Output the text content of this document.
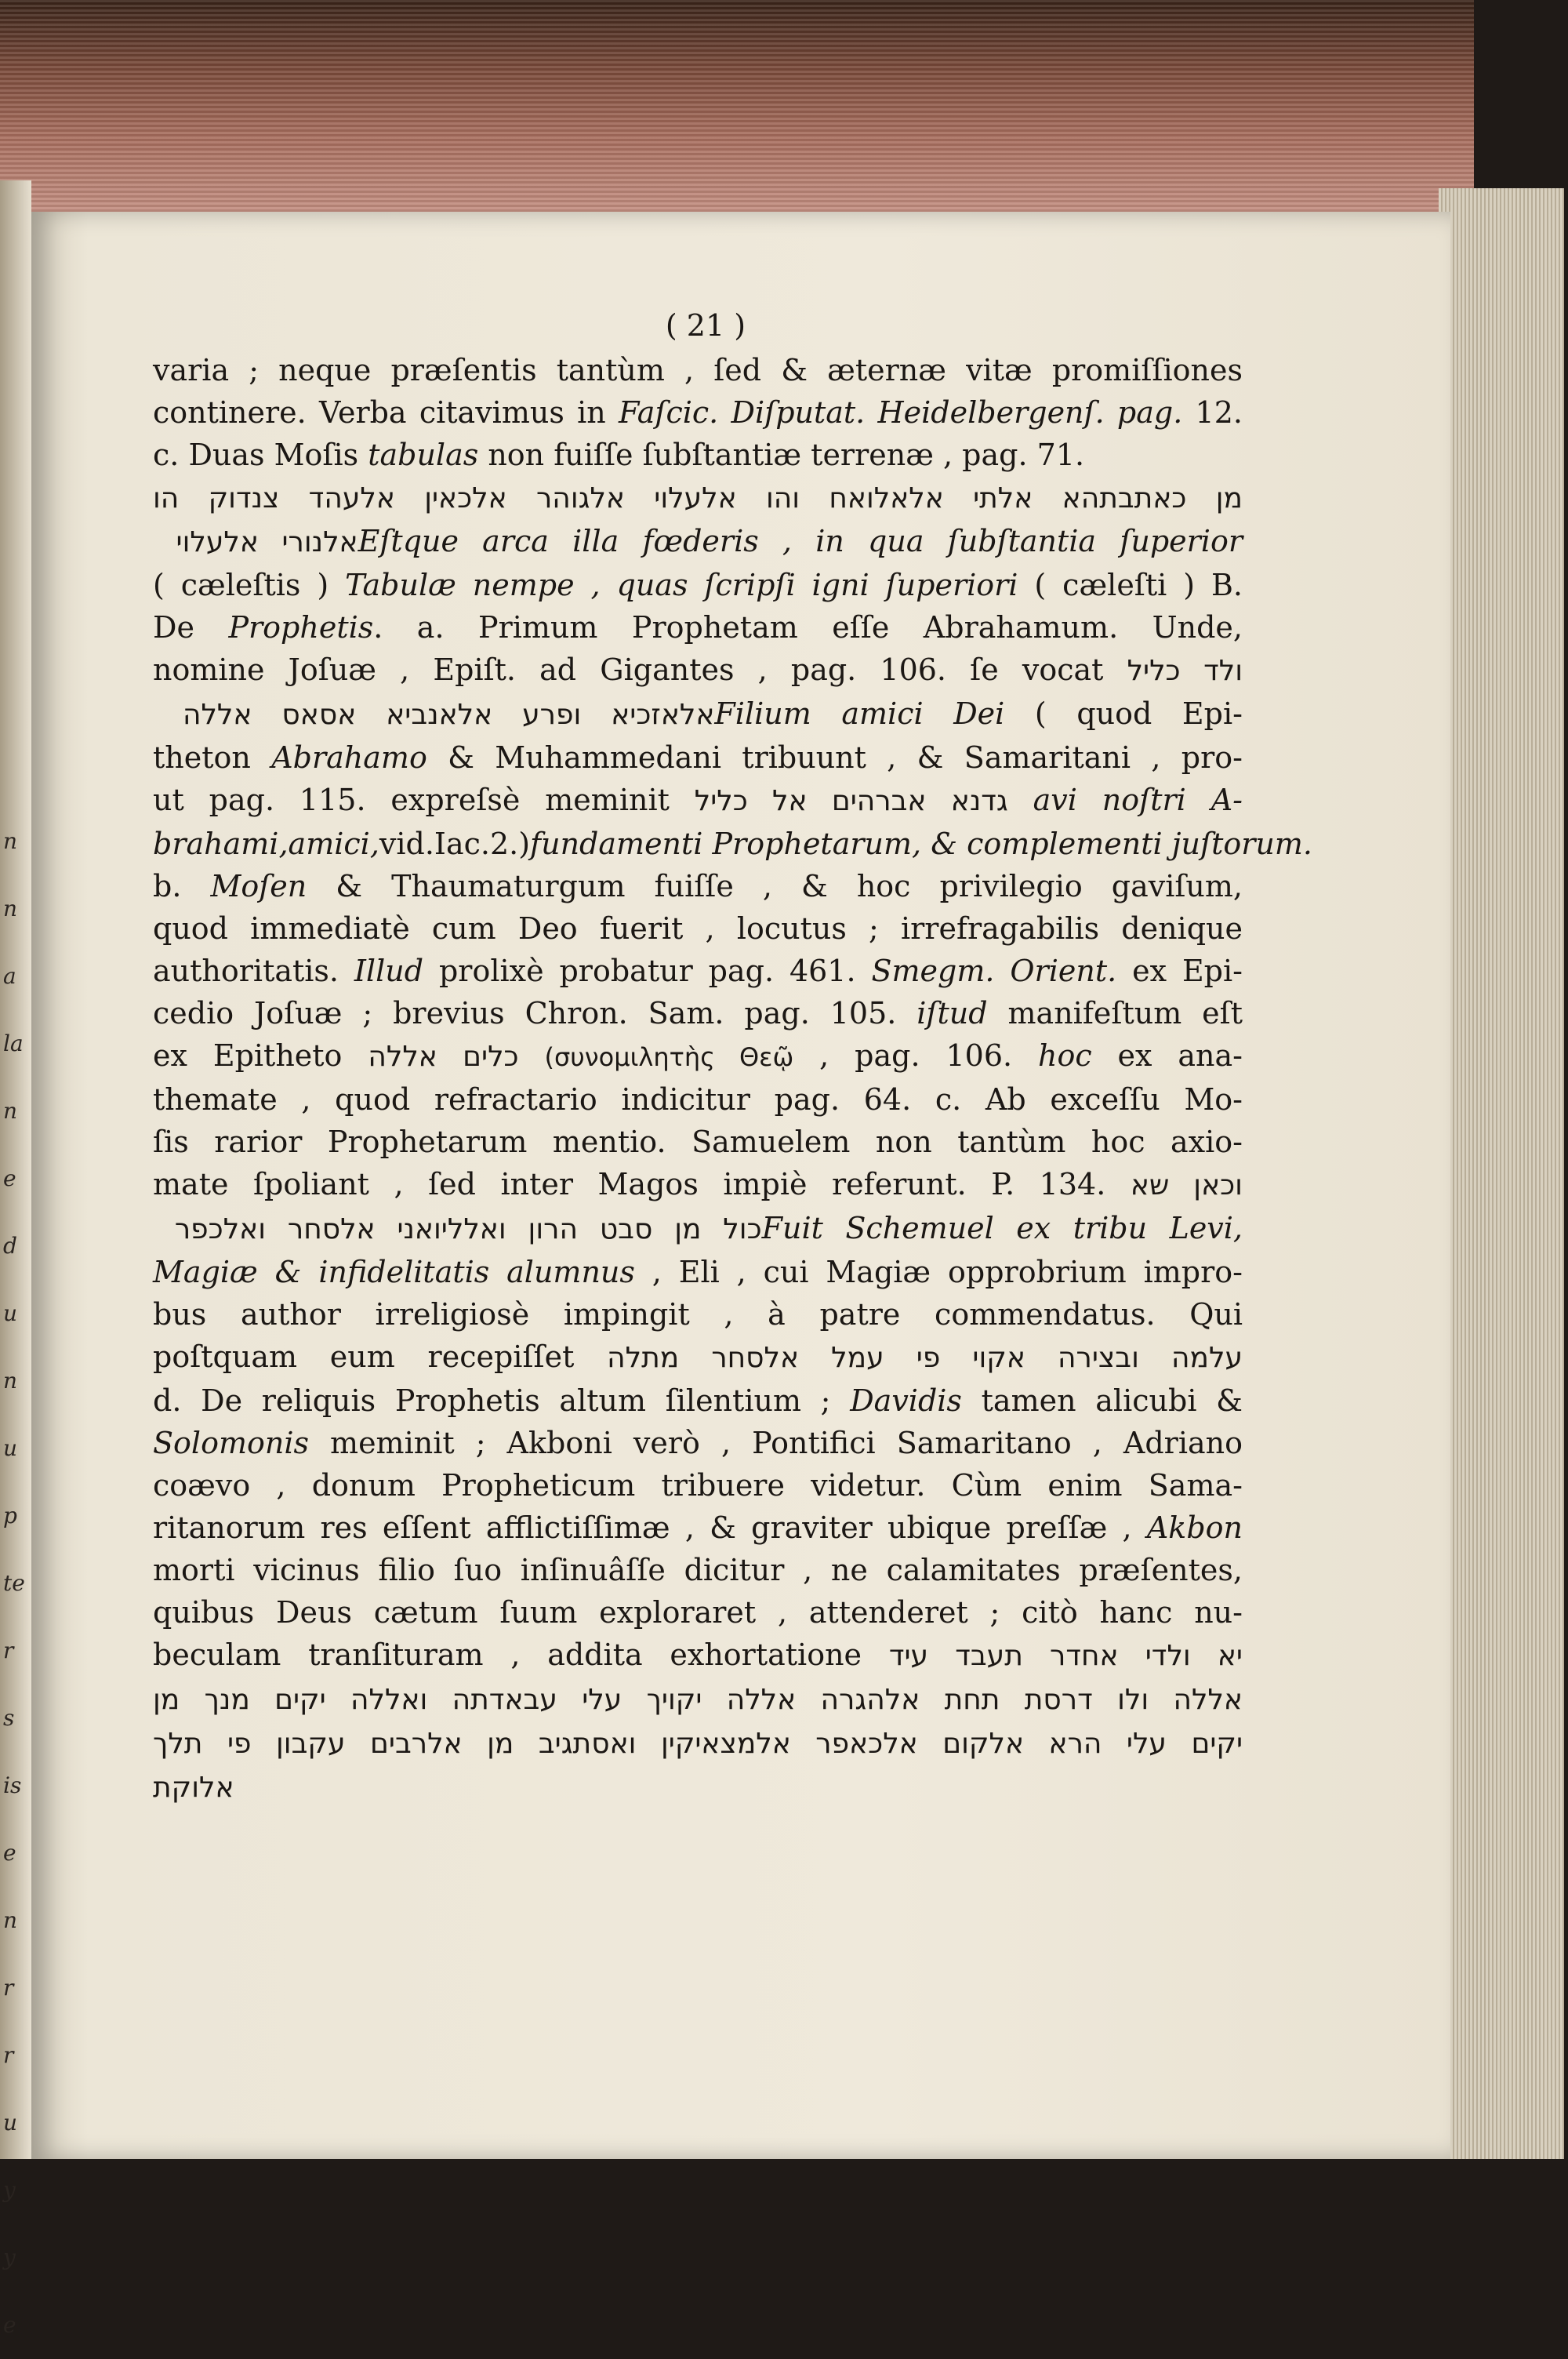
n
n
a
la
n
e
d
u
n
u
p
te
r
s
is
e
n
r
r
u
y
y
e
( 21 )
varia ; neque præſentis tantùm , ſed & æternæ vitæ promiſſiones
continere. Verba citavimus in Faſcic. Diſputat. Heidelbergenſ. pag. 12.
c. Duas Moſis tabulas non fuiſſe ſubſtantiæ terrenæ , pag. 71.
מן כאתבתהא אלתי אלאלואח והו אלעלוי אלגוהר אלכאין אלעהד צנדוק הו
אלנורי אלעלוי Eſtque arca illa fœderis , in qua ſubſtantia ſuperior
( cæleſtis ) Tabulæ nempe , quas ſcripſi igni ſuperiori ( cæleſti ) B.
De Prophetis. a. Primum Prophetam eſſe Abrahamum. Unde,
nomine Joſuæ , Epiſt. ad Gigantes , pag. 106. ſe vocat ולד כליל
אלאזכיא ופרע אלאנביא אסאס אללה Filium amici Dei ( quod Epi-
theton Abrahamo & Muhammedani tribuunt , & Samaritani , pro-
ut pag. 115. expreſsè meminit גדנא אברהים אל כליל avi noſtri A-
brahami,amici,vid.Iac.2.)fundamenti Prophetarum, & complementi juſtorum.
b. Moſen & Thaumaturgum fuiſſe , & hoc privilegio gaviſum,
quod immediatè cum Deo fuerit , locutus ; irrefragabilis denique
authoritatis. Illud prolixè probatur pag. 461. Smegm. Orient. ex Epi-
cedio Joſuæ ; brevius Chron. Sam. pag. 105. iſtud manifeſtum eſt
ex Epitheto כלים אללה (συνομιλητὴς Θεῷ , pag. 106. hoc ex ana-
themate , quod refractario indicitur pag. 64. c. Ab exceſſu Mo-
ſis rarior Prophetarum mentio. Samuelem non tantùm hoc axio-
mate ſpoliant , ſed inter Magos impiè referunt. P. 134. וכאן שא
כול מן סבט הרון ואלליואני אלסחר ואלכפר Fuit Schemuel ex tribu Levi,
Magiæ & infidelitatis alumnus , Eli , cui Magiæ opprobrium impro-
bus author irreligiosè impingit , à patre commendatus. Qui
poſtquam eum recepiſſet עלמה ובצירה אקוי פי עמל אלסחר מתלה
d. De reliquis Prophetis altum ſilentium ; Davidis tamen alicubi &
Solomonis meminit ; Akboni verò , Pontifici Samaritano , Adriano
coævo , donum Propheticum tribuere videtur. Cùm enim Sama-
ritanorum res eſſent afflictiſſimæ , & graviter ubique preſſæ , Akbon
morti vicinus filio ſuo inſinuâſſe dicitur , ne calamitates præſentes,
quibus Deus cætum ſuum exploraret , attenderet ; citò hanc nu-
beculam tranſituram , addita exhortatione יא ולדי אחדר תעבד עיד
אללה ולו דרסת תחת אלהגרה אללה יקויך עלי עבאדתה ואללה יקים מנך מן
יקים עלי הרא אלקום אלכאפר אלמצאיקין ואסתגיב מן אלרבים עקבון פי תלך
אלוקת
